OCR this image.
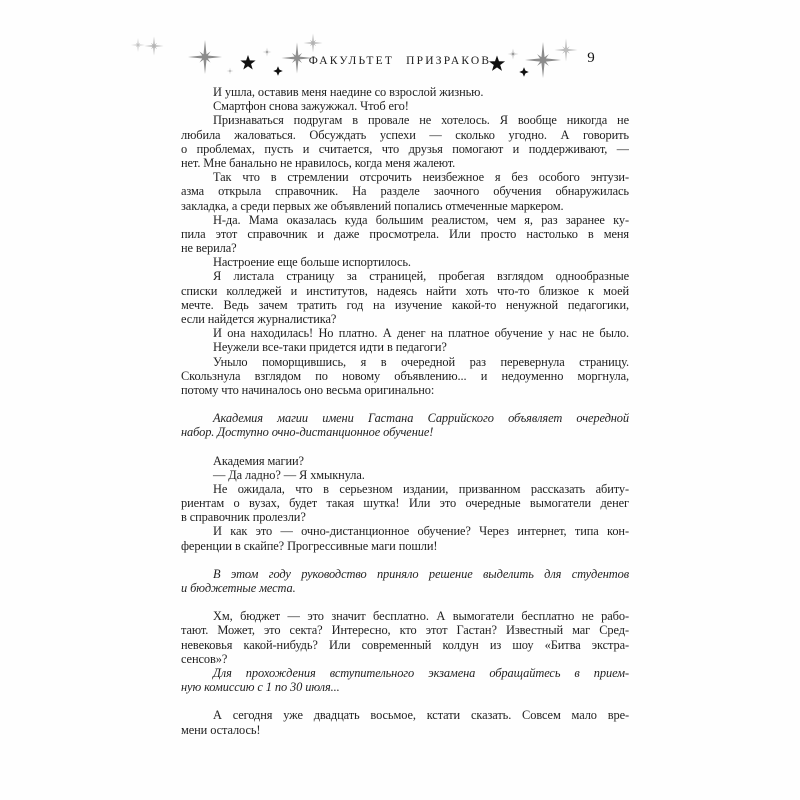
ФАКУЛЬТЕТ ПРИЗРАКОВ	9
И ушла, оставив меня наедине со взрослой жизнью.
Смартфон снова зажужжал. Чтоб его!
Признаваться подругам в провале не хотелось. Я вообще никогда не
любила жаловаться. Обсуждать успехи — сколько угодно. А говорить
о проблемах, пусть и считается, что друзья помогают и поддерживают, —
нет. Мне банально не нравилось, когда меня жалеют.
Так что в стремлении отсрочить неизбежное я без особого энтузи-
азма открыла справочник. На разделе заочного обучения обнаружилась
закладка, а среди первых же объявлений попались отмеченные маркером.
Н-да. Мама оказалась куда большим реалистом, чем я, раз заранее ку-
пила этот справочник и даже просмотрела. Или просто настолько в меня
не верила?
Настроение еще больше испортилось.
Я листала страницу за страницей, пробегая взглядом однообразные
списки колледжей и институтов, надеясь найти хоть что-то близкое к моей
мечте. Ведь зачем тратить год на изучение какой-то ненужной педагогики,
если найдется журналистика?
И она находилась! Но платно. А денег на платное обучение у нас не было.
Неужели все-таки придется идти в педагоги?
Уныло поморщившись, я в очередной раз перевернула страницу.
Скользнула взглядом по новому объявлению... и недоуменно моргнула,
потому что начиналось оно весьма оригинально:
Академия магии имени Гастана Саррийского объявляет очередной
набор. Доступно очно-дистанционное обучение!
Академия магии?
— Да ладно? — Я хмыкнула.
Не ожидала, что в серьезном издании, призванном рассказать абиту-
риентам о вузах, будет такая шутка! Или это очередные вымогатели денег
в справочник пролезли?
И как это — очно-дистанционное обучение? Через интернет, типа кон-
ференции в скайпе? Прогрессивные маги пошли!
В этом году руководство приняло решение выделить для студентов
и бюджетные места.
Хм, бюджет — это значит бесплатно. А вымогатели бесплатно не рабо-
тают. Может, это секта? Интересно, кто этот Гастан? Известный маг Сред-
невековья какой-нибудь? Или современный колдун из шоу «Битва экстра-
сенсов»?
Для прохождения вступительного экзамена обращайтесь в прием-
ную комиссию с 1 по 30 июля...
А сегодня уже двадцать восьмое, кстати сказать. Совсем мало вре-
мени осталось!
